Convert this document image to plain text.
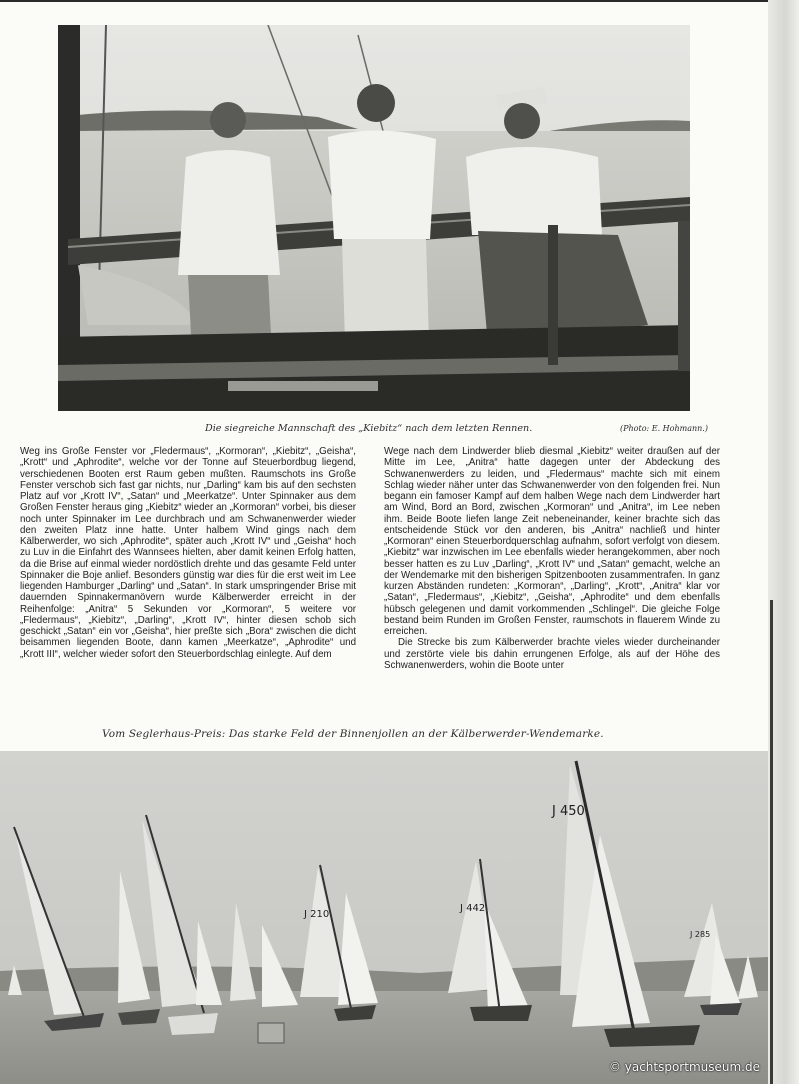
Die siegreiche Mannschaft des „Kiebitz“ nach dem letzten Rennen.	(Photo: E. Hohmann.)

Weg ins Große Fenster vor „Fledermaus“, „Kormoran“, „Kiebitz“, „Geisha“, „Krott“ und „Aphrodite“, welche vor der Tonne auf Steuerbordbug liegend, verschiedenen Booten erst Raum geben mußten. Raumschots ins Große Fenster verschob sich fast gar nichts, nur „Darling“ kam bis auf den sechsten Platz auf vor „Krott IV“, „Satan“ und „Meerkatze“. Unter Spinnaker aus dem Großen Fenster heraus ging „Kiebitz“ wieder an „Kormoran“ vorbei, bis dieser noch unter Spinnaker im Lee durchbrach und am Schwanenwerder wieder den zweiten Platz inne hatte. Unter halbem Wind gings nach dem Kälberwerder, wo sich „Aphrodite“, später auch „Krott IV“ und „Geisha“ hoch zu Luv in die Einfahrt des Wannsees hielten, aber damit keinen Erfolg hatten, da die Brise auf einmal wieder nordöstlich drehte und das gesamte Feld unter Spinnaker die Boje anlief. Besonders günstig war dies für die erst weit im Lee liegenden Hamburger „Darling“ und „Satan“. In stark umspringender Brise mit dauernden Spinnakermanövern wurde Kälberwerder erreicht in der Reihenfolge: „Anitra“ 5 Sekunden vor „Kormoran“, 5 weitere vor „Fledermaus“, „Kiebitz“, „Darling“, „Krott IV“, hinter diesen schob sich geschickt „Satan“ ein vor „Geisha“, hier preßte sich „Bora“ zwischen die dicht beisammen liegenden Boote, dann kamen „Meerkatze“, „Aphrodite“ und „Krott III“, welcher wieder sofort den Steuerbordschlag einlegte. Auf dem

Wege nach dem Lindwerder blieb diesmal „Kiebitz“ weiter draußen auf der Mitte im Lee, „Anitra“ hatte dagegen unter der Abdeckung des Schwanenwerders zu leiden, und „Fledermaus“ machte sich mit einem Schlag wieder näher unter das Schwanenwerder von den folgenden frei. Nun begann ein famoser Kampf auf dem halben Wege nach dem Lindwerder hart am Wind, Bord an Bord, zwischen „Kormoran“ und „Anitra“, im Lee neben ihm. Beide Boote liefen lange Zeit nebeneinander, keiner brachte sich das entscheidende Stück vor den anderen, bis „Anitra“ nachließ und hinter „Kormoran“ einen Steuerbordquerschlag aufnahm, sofort verfolgt von diesem. „Kiebitz“ war inzwischen im Lee ebenfalls wieder herangekommen, aber noch besser hatten es zu Luv „Darling“, „Krott IV“ und „Satan“ gemacht, welche an der Wendemarke mit den bisherigen Spitzenbooten zusammentrafen. In ganz kurzen Abständen rundeten: „Kormoran“, „Darling“, „Krott“, „Anitra“ klar vor „Satan“, „Fledermaus“, „Kiebitz“, „Geisha“, „Aphrodite“ und dem ebenfalls hübsch gelegenen und damit vorkommenden „Schlingel“. Die gleiche Folge bestand beim Runden im Großen Fenster, raumschots in flauerem Winde zu erreichen.

Die Strecke bis zum Kälberwerder brachte vieles wieder durcheinander und zerstörte viele bis dahin errungenen Erfolge, als auf der Höhe des Schwanenwerders, wohin die Boote unter

Vom Seglerhaus-Preis: Das starke Feld der Binnenjollen an der Kälberwerder-Wendemarke.
J 210
J 442
J 450
J 285
© yachtsportmuseum.de
